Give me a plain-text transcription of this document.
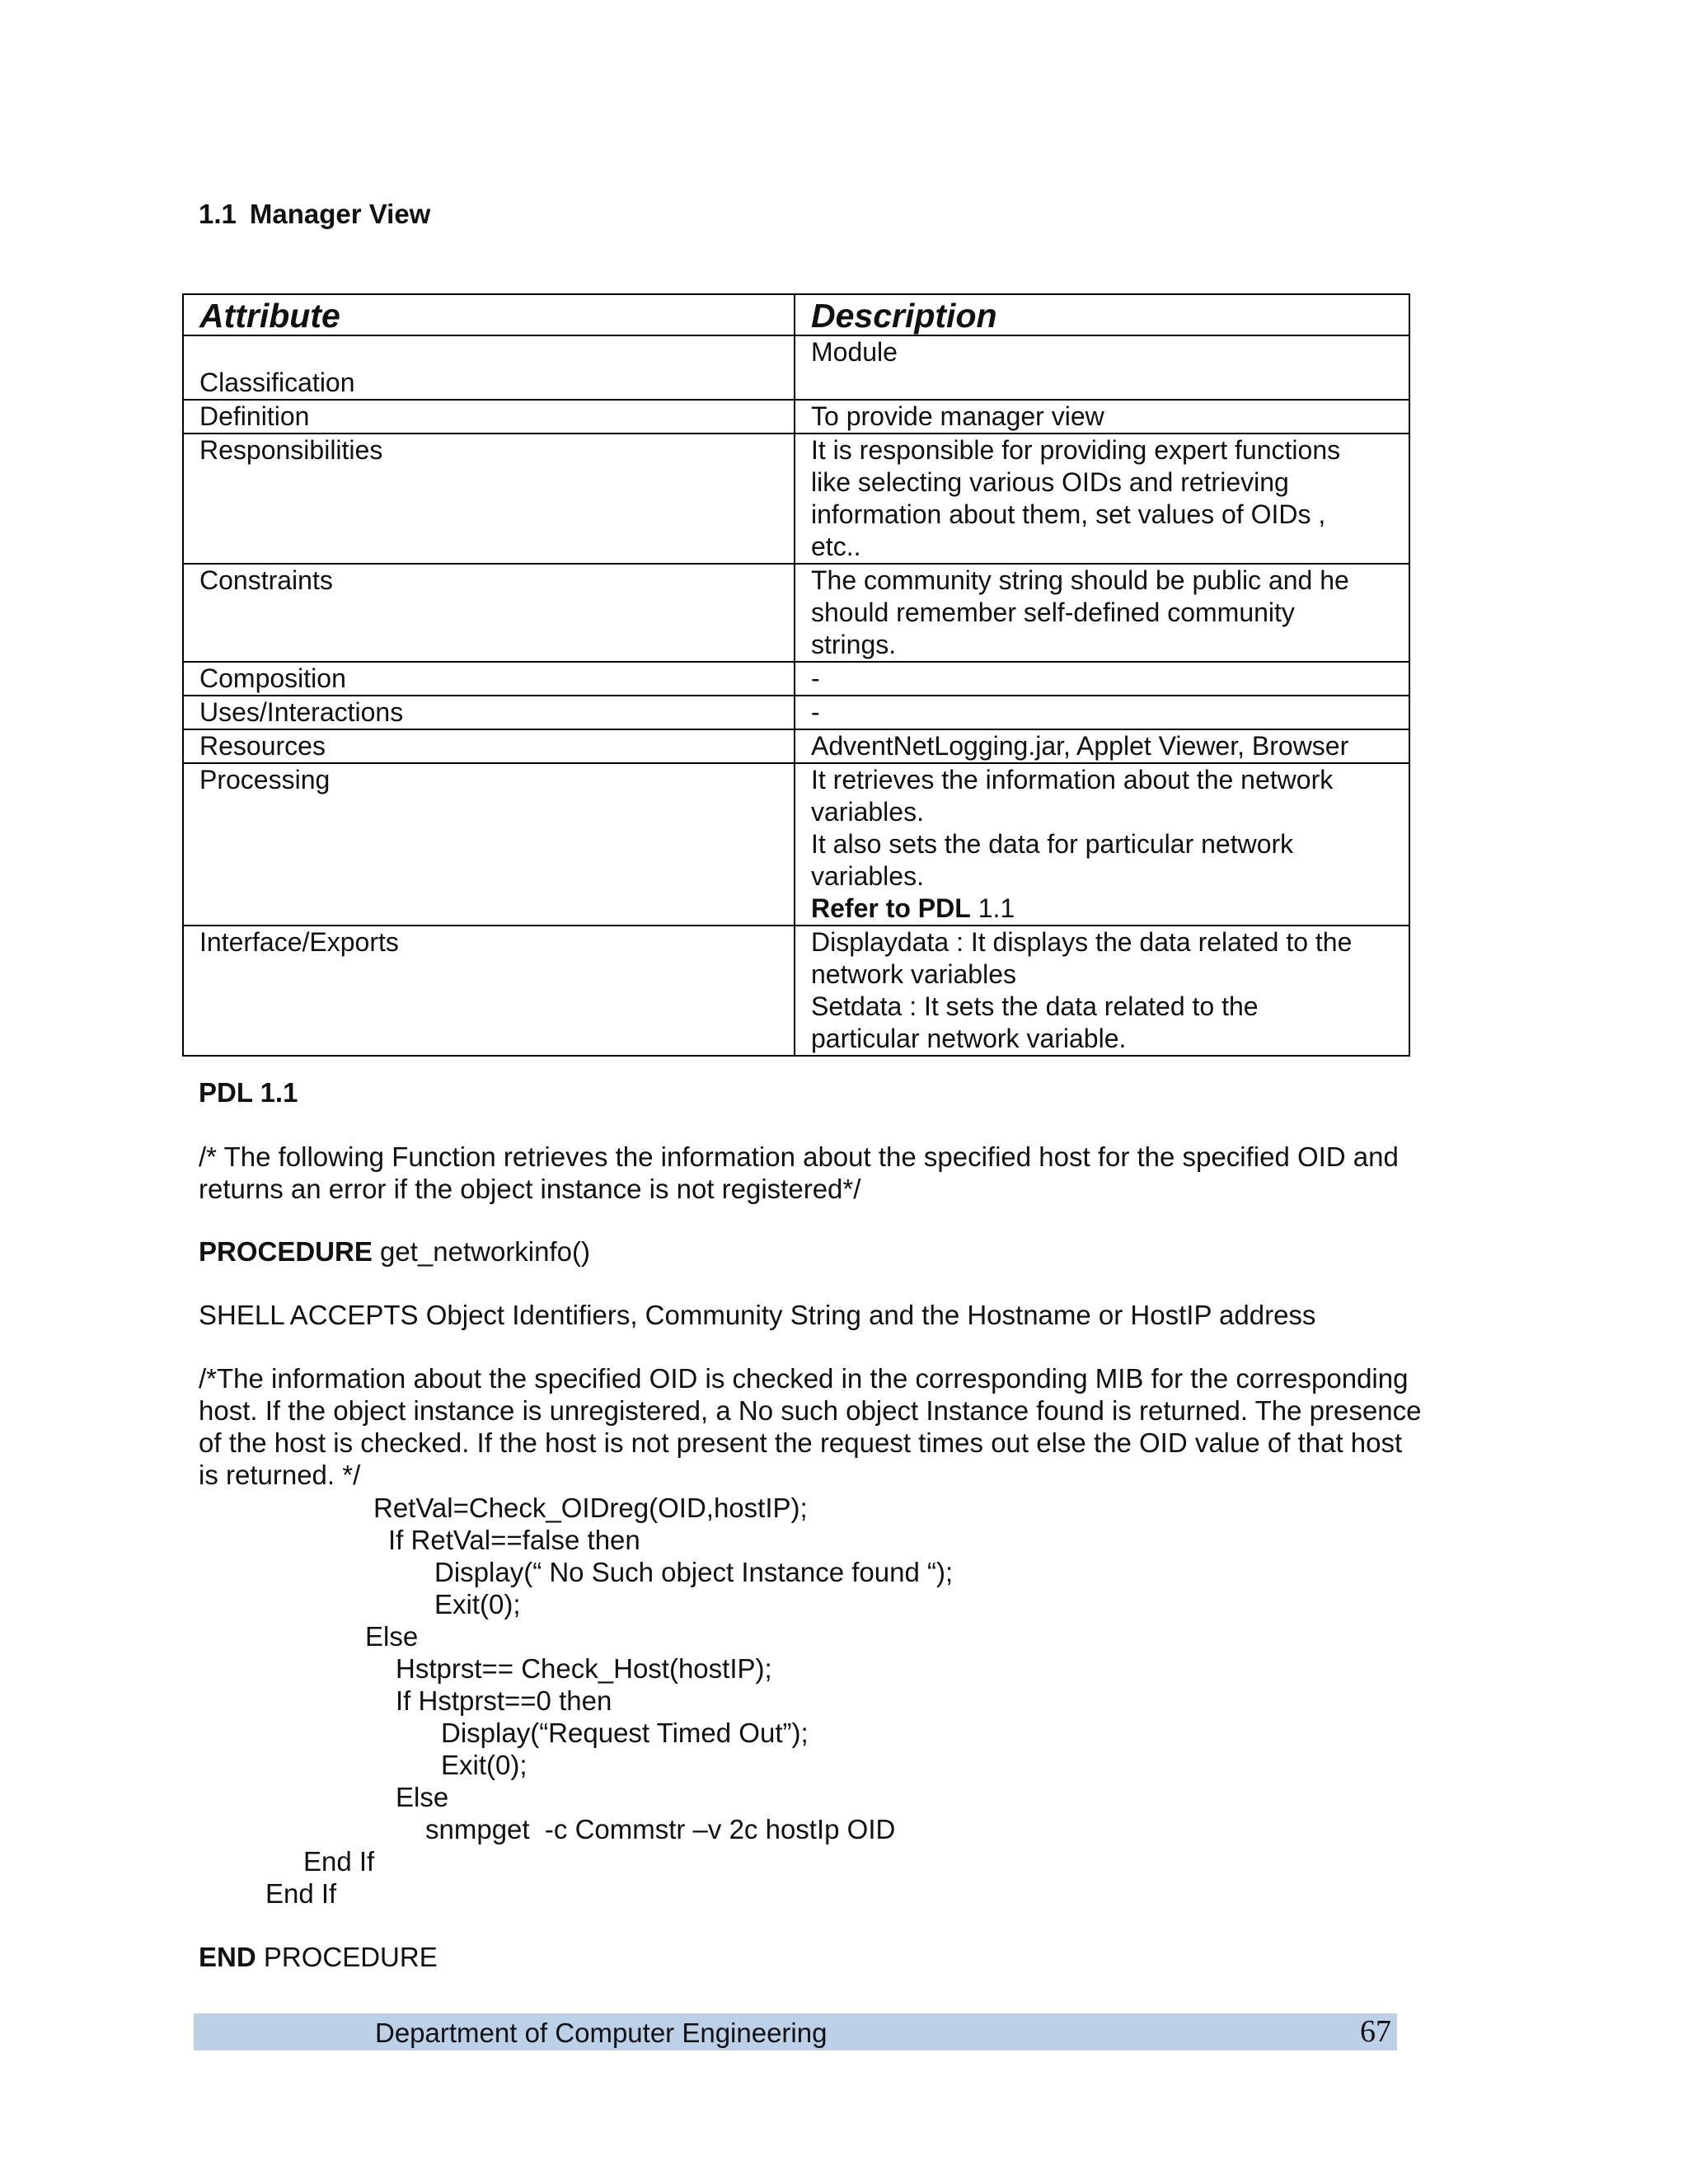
1.1 Manager View
Attribute	Description
Classification	Module

Definition	To provide manager view

Responsibilities	It is responsible for providing expert functions
like selecting various OIDs and retrieving
information about them, set values of OIDs ,
etc..

Constraints	The community string should be public and he
should remember self-defined community
strings.

Composition	-

Uses/Interactions	-

Resources	AdventNetLogging.jar, Applet Viewer, Browser

Processing	It retrieves the information about the network
variables.
It also sets the data for particular network
variables.
Refer to PDL 1.1

Interface/Exports	Displaydata : It displays the data related to the
network variables
Setdata : It sets the data related to the
particular network variable.
PDL 1.1
/* The following Function retrieves the information about the specified host for the specified OID and
returns an error if the object instance is not registered*/
PROCEDURE get_networkinfo()
SHELL ACCEPTS Object Identifiers, Community String and the Hostname or HostIP address
/*The information about the specified OID is checked in the corresponding MIB for the corresponding
host. If the object instance is unregistered, a No such object Instance found is returned. The presence
of the host is checked. If the host is not present the request times out else the OID value of that host
is returned. */
RetVal=Check_OIDreg(OID,hostIP);
If RetVal==false then
Display(“ No Such object Instance found “);
Exit(0);
Else
Hstprst== Check_Host(hostIP);
If Hstprst==0 then
Display(“Request Timed Out”);
Exit(0);
Else
snmpget  -c Commstr –v 2c hostIp OID
End If
End If
END PROCEDURE
Department of Computer Engineering	67
